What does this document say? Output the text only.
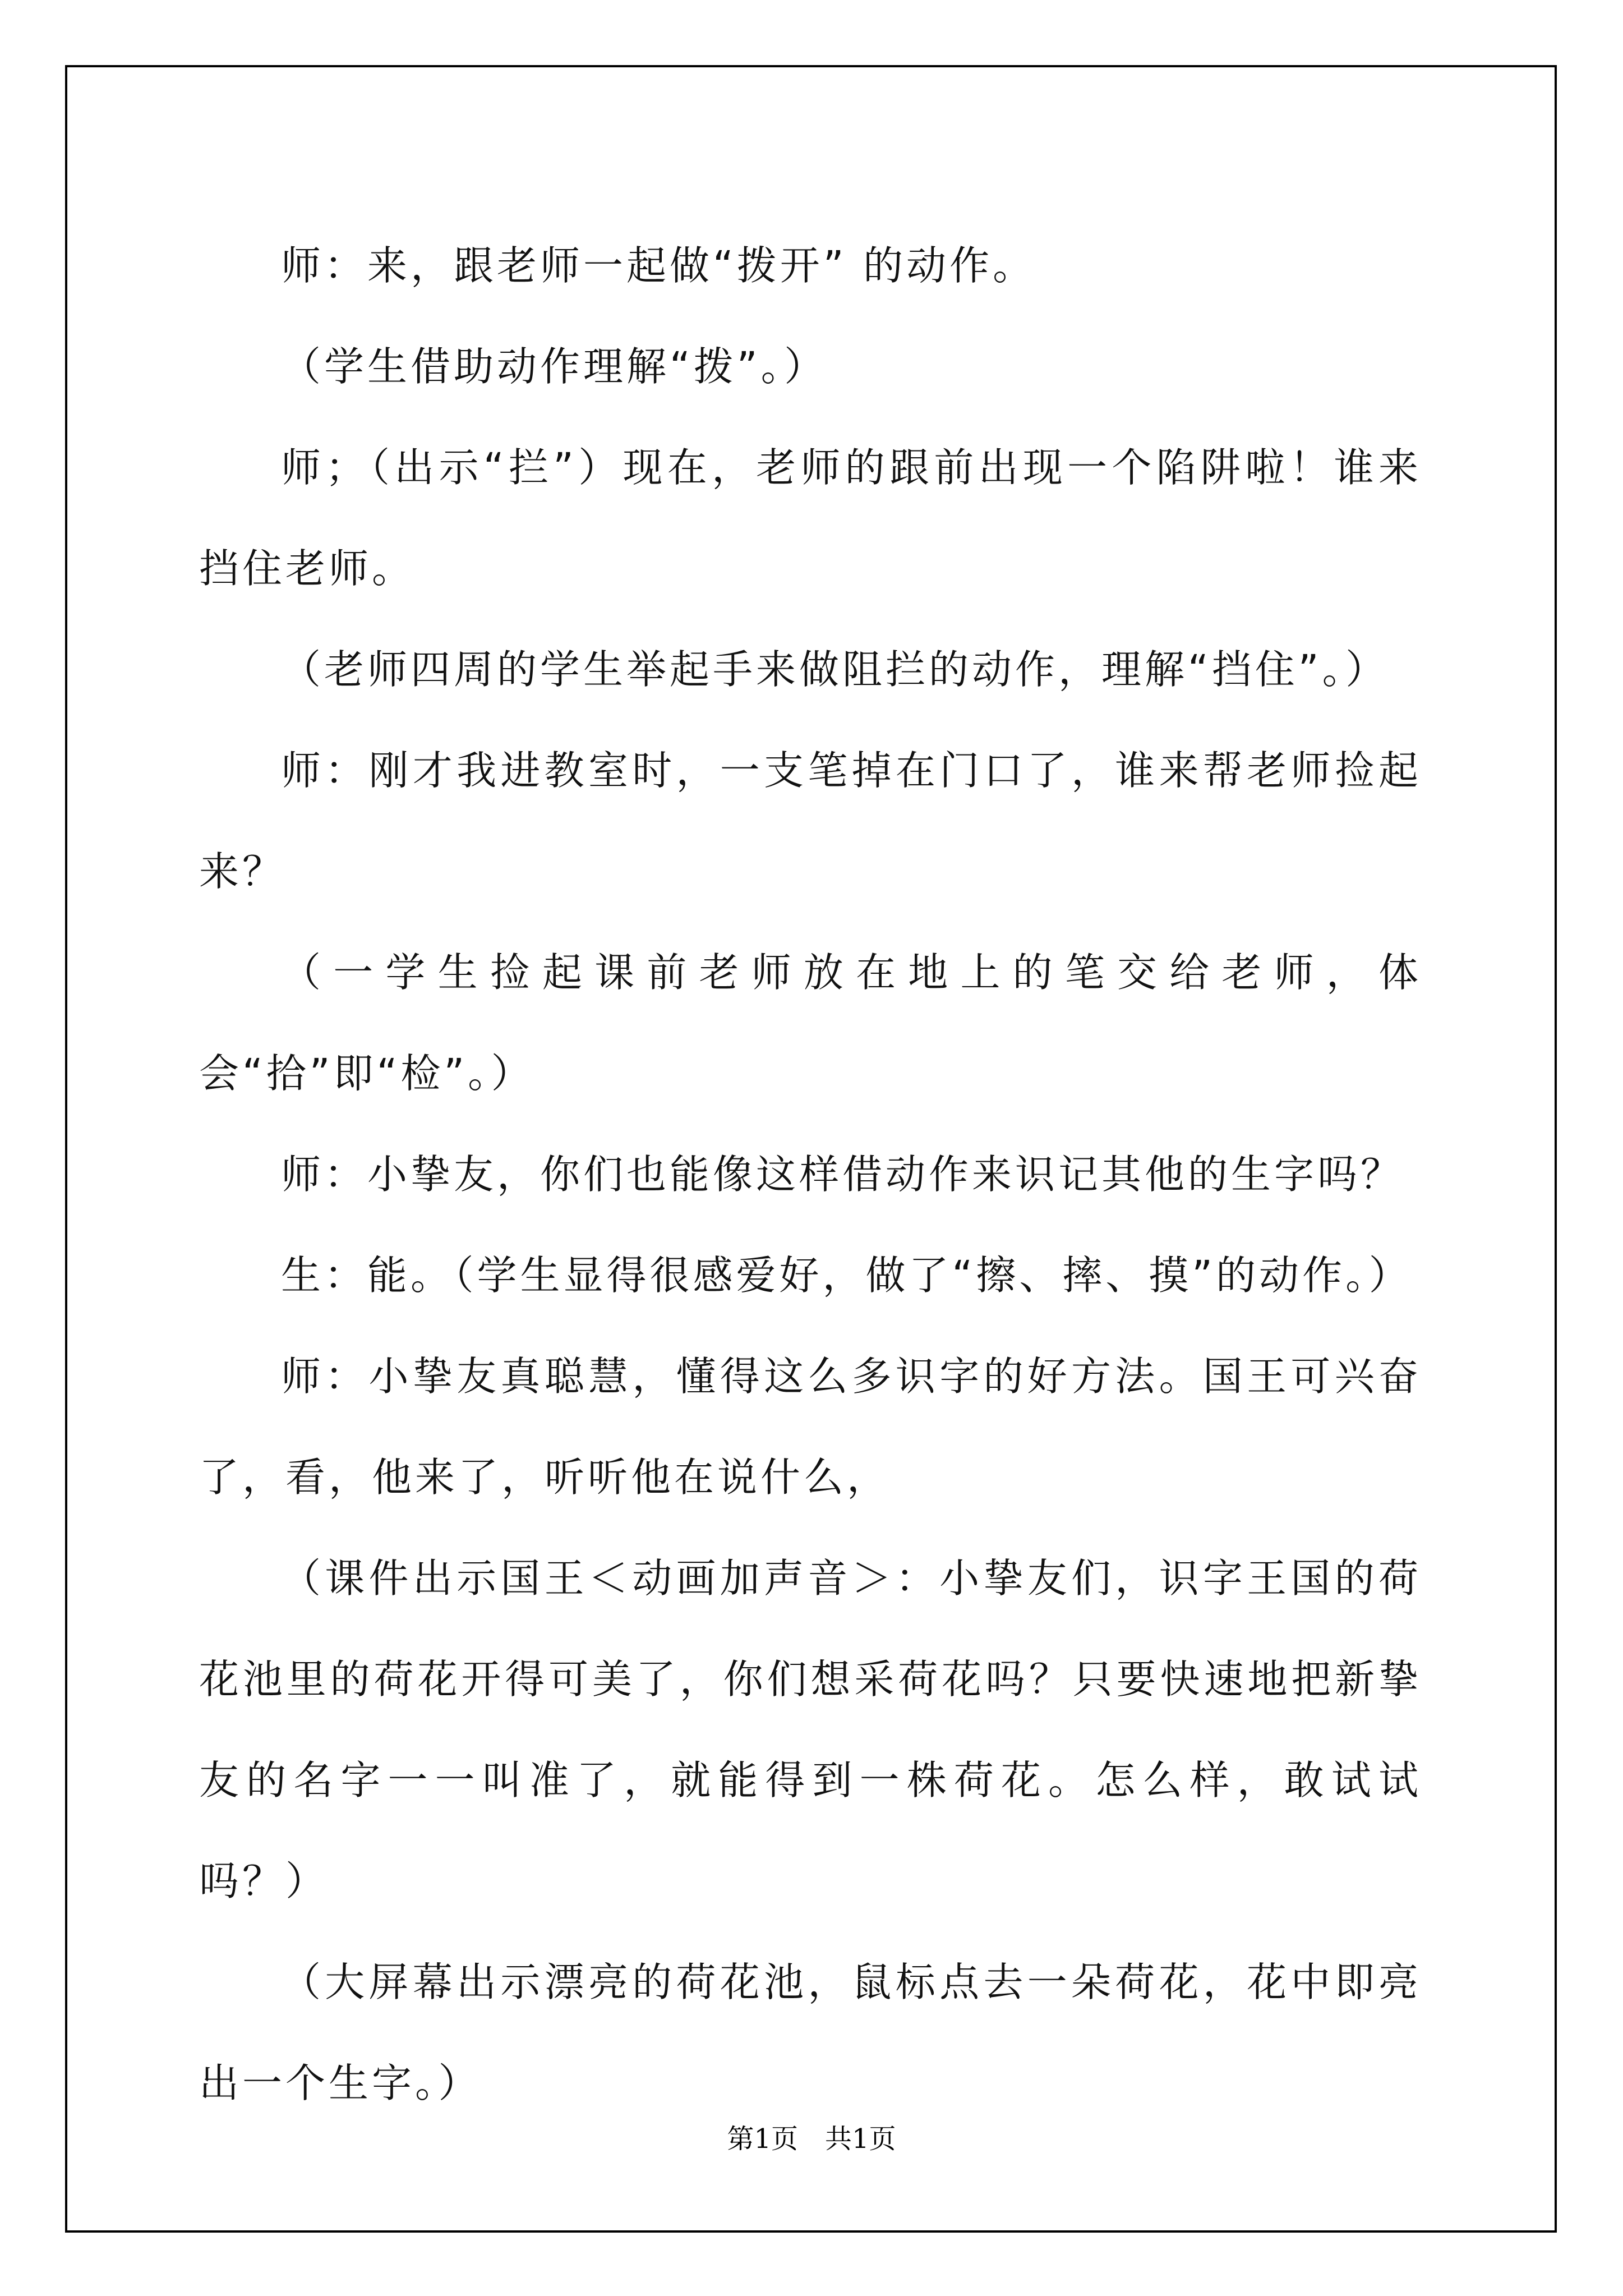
师：来，跟老师一起做“拨开” 的动作。

（学生借助动作理解“拨”。）

师；（出示“拦”）现在，老师的跟前出现一个陷阱啦！谁来挡住老师。

（老师四周的学生举起手来做阻拦的动作，理解“挡住”。）

师：刚才我进教室时，一支笔掉在门口了，谁来帮老师捡起来？

（一学生捡起课前老师放在地上的笔交给老师，体会“拾”即“检”。）

师：小挚友，你们也能像这样借动作来识记其他的生字吗？

生：能。（学生显得很感爱好，做了“擦、摔、摸”的动作。）

师：小挚友真聪慧，懂得这么多识字的好方法。国王可兴奋了，看，他来了，听听他在说什么，

（课件出示国王＜动画加声音＞：小挚友们，识字王国的荷花池里的荷花开得可美了，你们想采荷花吗？只要快速地把新挚友的名字一一叫准了，就能得到一株荷花。怎么样，敢试试吗？）

（大屏幕出示漂亮的荷花池，鼠标点去一朵荷花，花中即亮出一个生字。）

第1页　共1页
